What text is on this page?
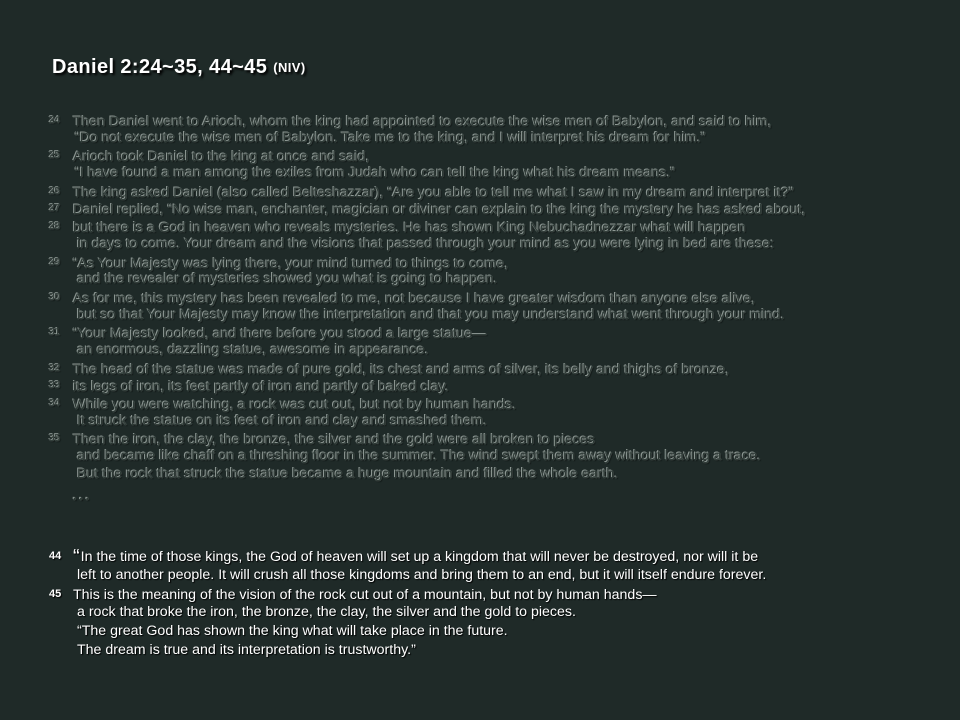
Daniel 2:24~35, 44~45 (NIV)
24 Then Daniel went to Arioch, whom the king had appointed to execute the wise men of Babylon, and said to him,
“Do not execute the wise men of Babylon. Take me to the king, and I will interpret his dream for him.”
25 Arioch took Daniel to the king at once and said,
“I have found a man among the exiles from Judah who can tell the king what his dream means.”
26 The king asked Daniel (also called Belteshazzar), “Are you able to tell me what I saw in my dream and interpret it?”
27 Daniel replied, “No wise man, enchanter, magician or diviner can explain to the king the mystery he has asked about,
28 but there is a God in heaven who reveals mysteries. He has shown King Nebuchadnezzar what will happen
in days to come. Your dream and the visions that passed through your mind as you were lying in bed are these:
29 “As Your Majesty was lying there, your mind turned to things to come,
and the revealer of mysteries showed you what is going to happen.
30 As for me, this mystery has been revealed to me, not because I have greater wisdom than anyone else alive,
but so that Your Majesty may know the interpretation and that you may understand what went through your mind.
31 “Your Majesty looked, and there before you stood a large statue—
an enormous, dazzling statue, awesome in appearance.
32 The head of the statue was made of pure gold, its chest and arms of silver, its belly and thighs of bronze,
33 its legs of iron, its feet partly of iron and partly of baked clay.
34 While you were watching, a rock was cut out, but not by human hands.
It struck the statue on its feet of iron and clay and smashed them.
35 Then the iron, the clay, the bronze, the silver and the gold were all broken to pieces
and became like chaff on a threshing floor in the summer. The wind swept them away without leaving a trace.
But the rock that struck the statue became a huge mountain and filled the whole earth.
…
44 “In the time of those kings, the God of heaven will set up a kingdom that will never be destroyed, nor will it be
left to another people. It will crush all those kingdoms and bring them to an end, but it will itself endure forever.
45 This is the meaning of the vision of the rock cut out of a mountain, but not by human hands—
a rock that broke the iron, the bronze, the clay, the silver and the gold to pieces.
“The great God has shown the king what will take place in the future.
The dream is true and its interpretation is trustworthy.”
